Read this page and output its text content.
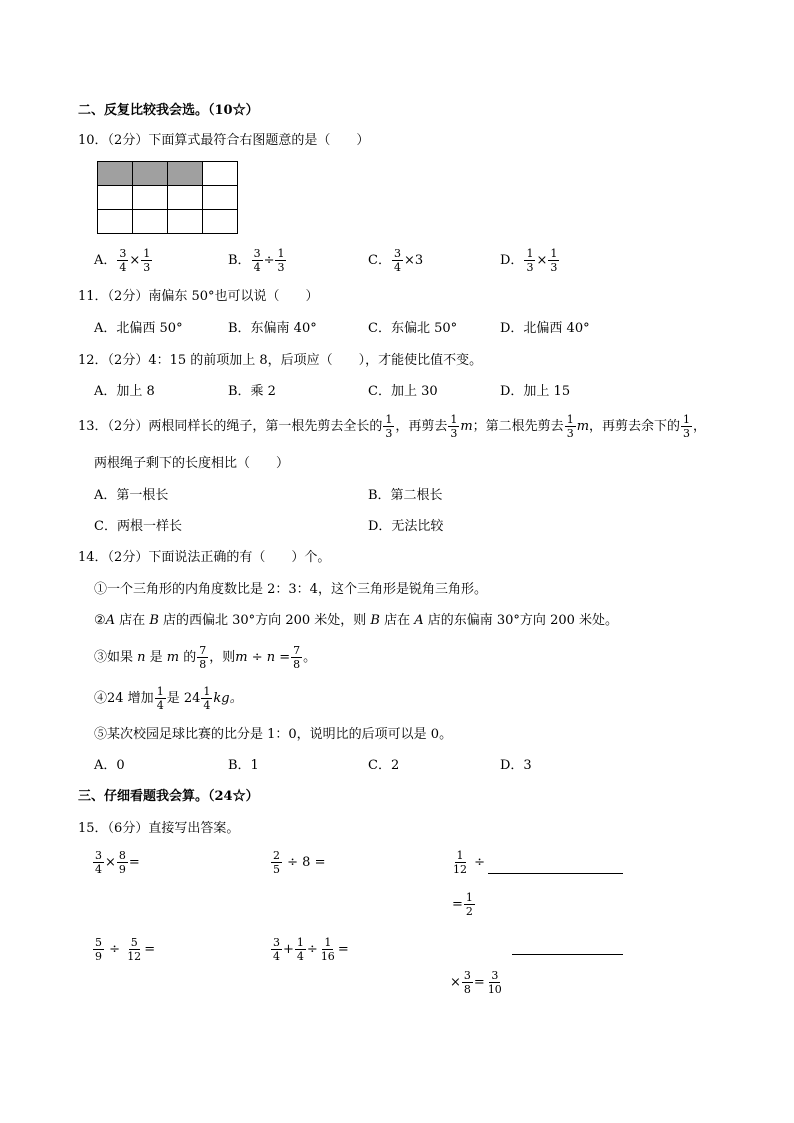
二、反复比较我会选。（10☆）
10．（2分）下面算式最符合右图题意的是（　　）

A． $\frac{3}{4} \times \frac{1}{3}$	B． $\frac{3}{4} \div \frac{1}{3}$	C． $\frac{3}{4} \times 3$	D． $\frac{1}{3} \times \frac{1}{3}$
11．（2分）南偏东 50°也可以说（　　）
A．北偏西 50°	B．东偏南 40°	C．东偏北 50°	D．北偏西 40°
12．（2分）4：15 的前项加上 8，后项应（　　），才能使比值不变。
A．加上 8	B．乘 2	C．加上 30	D．加上 15
13．（2分）两根同样长的绳子，第一根先剪去全长的 $\frac{1}{3}$ ，再剪去 $\frac{1}{3}$ m；第二根先剪去 $\frac{1}{3}$ m，再剪去余下的 $\frac{1}{3}$ ，
两根绳子剩下的长度相比（　　）
A．第一根长	B．第二根长
C．两根一样长	D．无法比较
14．（2分）下面说法正确的有（　　）个。
①一个三角形的内角度数比是 2：3：4，这个三角形是锐角三角形。
②A 店在 B 店的西偏北 30°方向 200 米处，则 B 店在 A 店的东偏南 30°方向 200 米处。
③如果 n 是 m 的 $\frac{7}{8}$ ，则$m \div n = \frac{7}{8}$ 。
④24 增加 $\frac{1}{4}$ 是 $24 \frac{1}{4}$ kg。
⑤某次校园足球比赛的比分是 1：0，说明比的后项可以是 0。
A．0	B．1	C．2	D．3
三、仔细看题我会算。（24☆）
15．（6分）直接写出答案。
$\frac{3}{4} \times \frac{8}{9}$ =	$\frac{2}{5} \div 8$ =	$\frac{1}{12}$ ÷
= $\frac{1}{2}$
$\frac{5}{9} \div \frac{5}{12}$ =	$\frac{3}{4} + \frac{1}{4} \div \frac{1}{16}$ =
× $\frac{3}{8} = \frac{3}{10}$
